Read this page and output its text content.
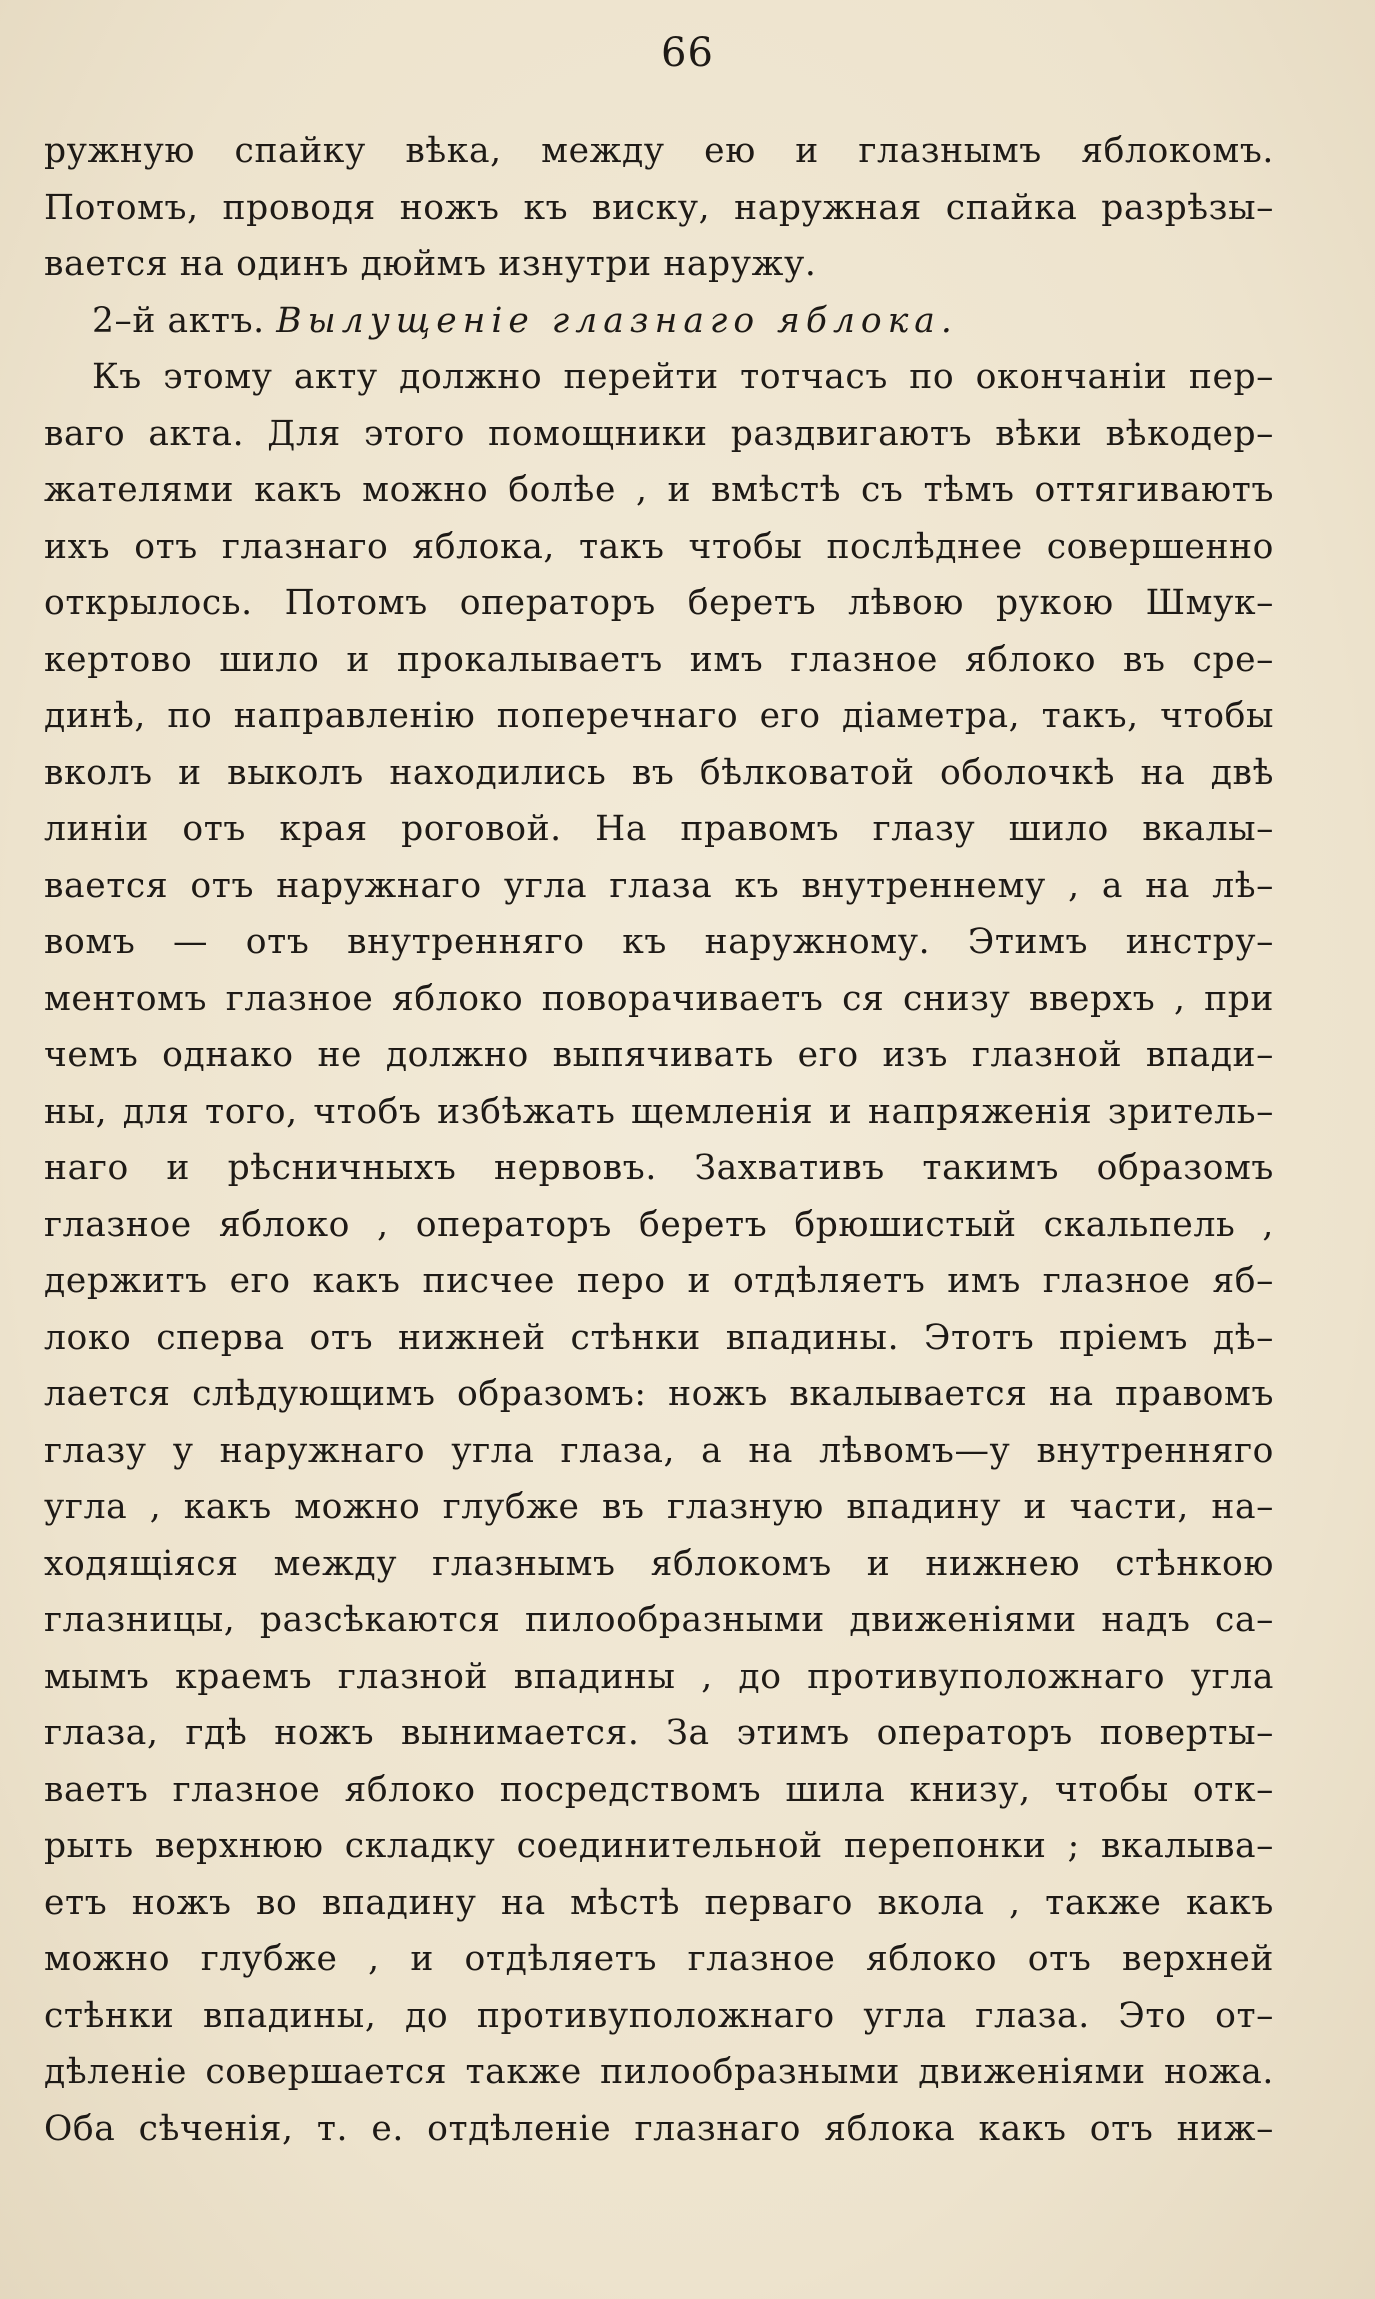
66
ружную спайку вѣка, между ею и глазнымъ яблокомъ.
Потомъ, проводя ножъ къ виску, наружная спайка разрѣзы–
вается на одинъ дюймъ изнутри наружу.
2–й актъ. Вылущенiе глазнаго яблока.
Къ этому акту должно перейти тотчасъ по окончанiи пер–
ваго акта. Для этого помощники раздвигаютъ вѣки вѣкодер–
жателями какъ можно болѣе , и вмѣстѣ съ тѣмъ оттягиваютъ
ихъ отъ глазнаго яблока, такъ чтобы послѣднее совершенно
открылось. Потомъ операторъ беретъ лѣвою рукою Шмук–
кертово шило и прокалываетъ имъ глазное яблоко въ сре–
динѣ, по направленiю поперечнаго его дiаметра, такъ, чтобы
вколъ и выколъ находились въ бѣлковатой оболочкѣ на двѣ
линiи отъ края роговой. На правомъ глазу шило вкалы–
вается отъ наружнаго угла глаза къ внутреннему , а на лѣ–
вомъ — отъ внутренняго къ наружному. Этимъ инстру–
ментомъ глазное яблоко поворачиваетъ ся снизу вверхъ , при
чемъ однако не должно выпячивать его изъ глазной впади–
ны, для того, чтобъ избѣжать щемленiя и напряженiя зритель–
наго и рѣсничныхъ нервовъ. Захвативъ такимъ образомъ
глазное яблоко , операторъ беретъ брюшистый скальпель ,
держитъ его какъ писчее перо и отдѣляетъ имъ глазное яб–
локо сперва отъ нижней стѣнки впадины. Этотъ прiемъ дѣ–
лается слѣдующимъ образомъ: ножъ вкалывается на правомъ
глазу у наружнаго угла глаза, а на лѣвомъ—у внутренняго
угла , какъ можно глубже въ глазную впадину и части, на–
ходящiяся между глазнымъ яблокомъ и нижнею стѣнкою
глазницы, разсѣкаются пилообразными движенiями надъ са–
мымъ краемъ глазной впадины , до противуположнаго угла
глаза, гдѣ ножъ вынимается. За этимъ операторъ поверты–
ваетъ глазное яблоко посредствомъ шила книзу, чтобы отк–
рыть верхнюю складку соединительной перепонки ; вкалыва–
етъ ножъ во впадину на мѣстѣ перваго вкола , также какъ
можно глубже , и отдѣляетъ глазное яблоко отъ верхней
стѣнки впадины, до противуположнаго угла глаза. Это от–
дѣленiе совершается также пилообразными движенiями ножа.
Оба сѣченiя, т. е. отдѣленiе глазнаго яблока какъ отъ ниж–
